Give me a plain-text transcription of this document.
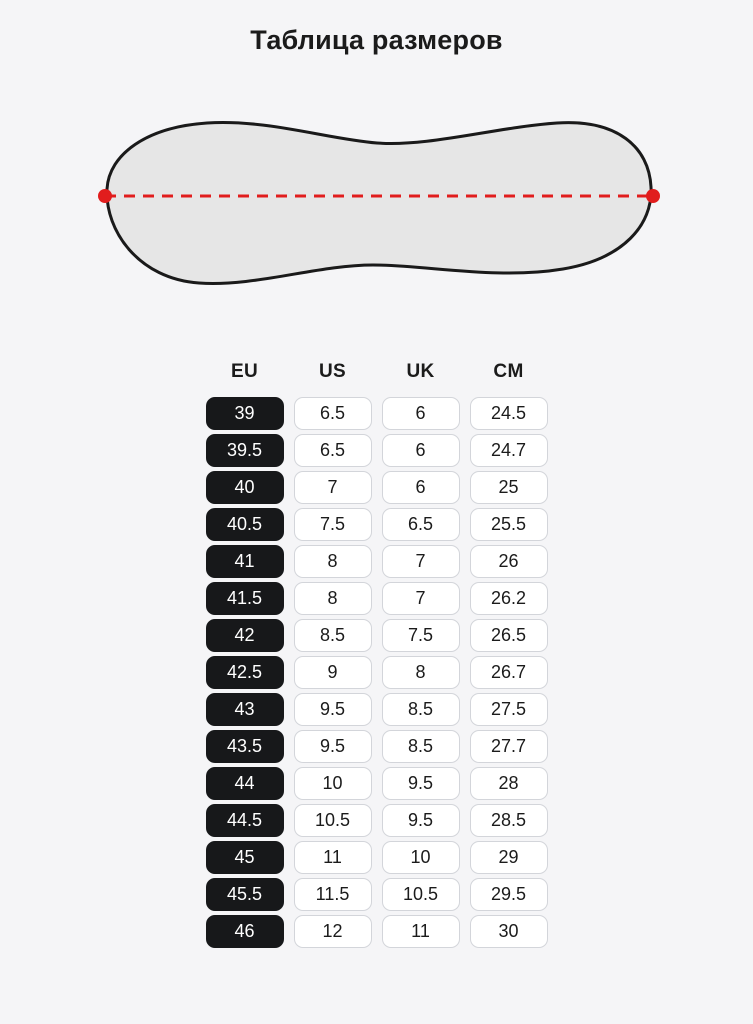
Таблица размеров
EU	US	UK	CM

39	6.5	6	24.5

39.5	6.5	6	24.7

40	7	6	25

40.5	7.5	6.5	25.5

41	8	7	26

41.5	8	7	26.2

42	8.5	7.5	26.5

42.5	9	8	26.7

43	9.5	8.5	27.5

43.5	9.5	8.5	27.7

44	10	9.5	28

44.5	10.5	9.5	28.5

45	11	10	29

45.5	11.5	10.5	29.5

46	12	11	30
